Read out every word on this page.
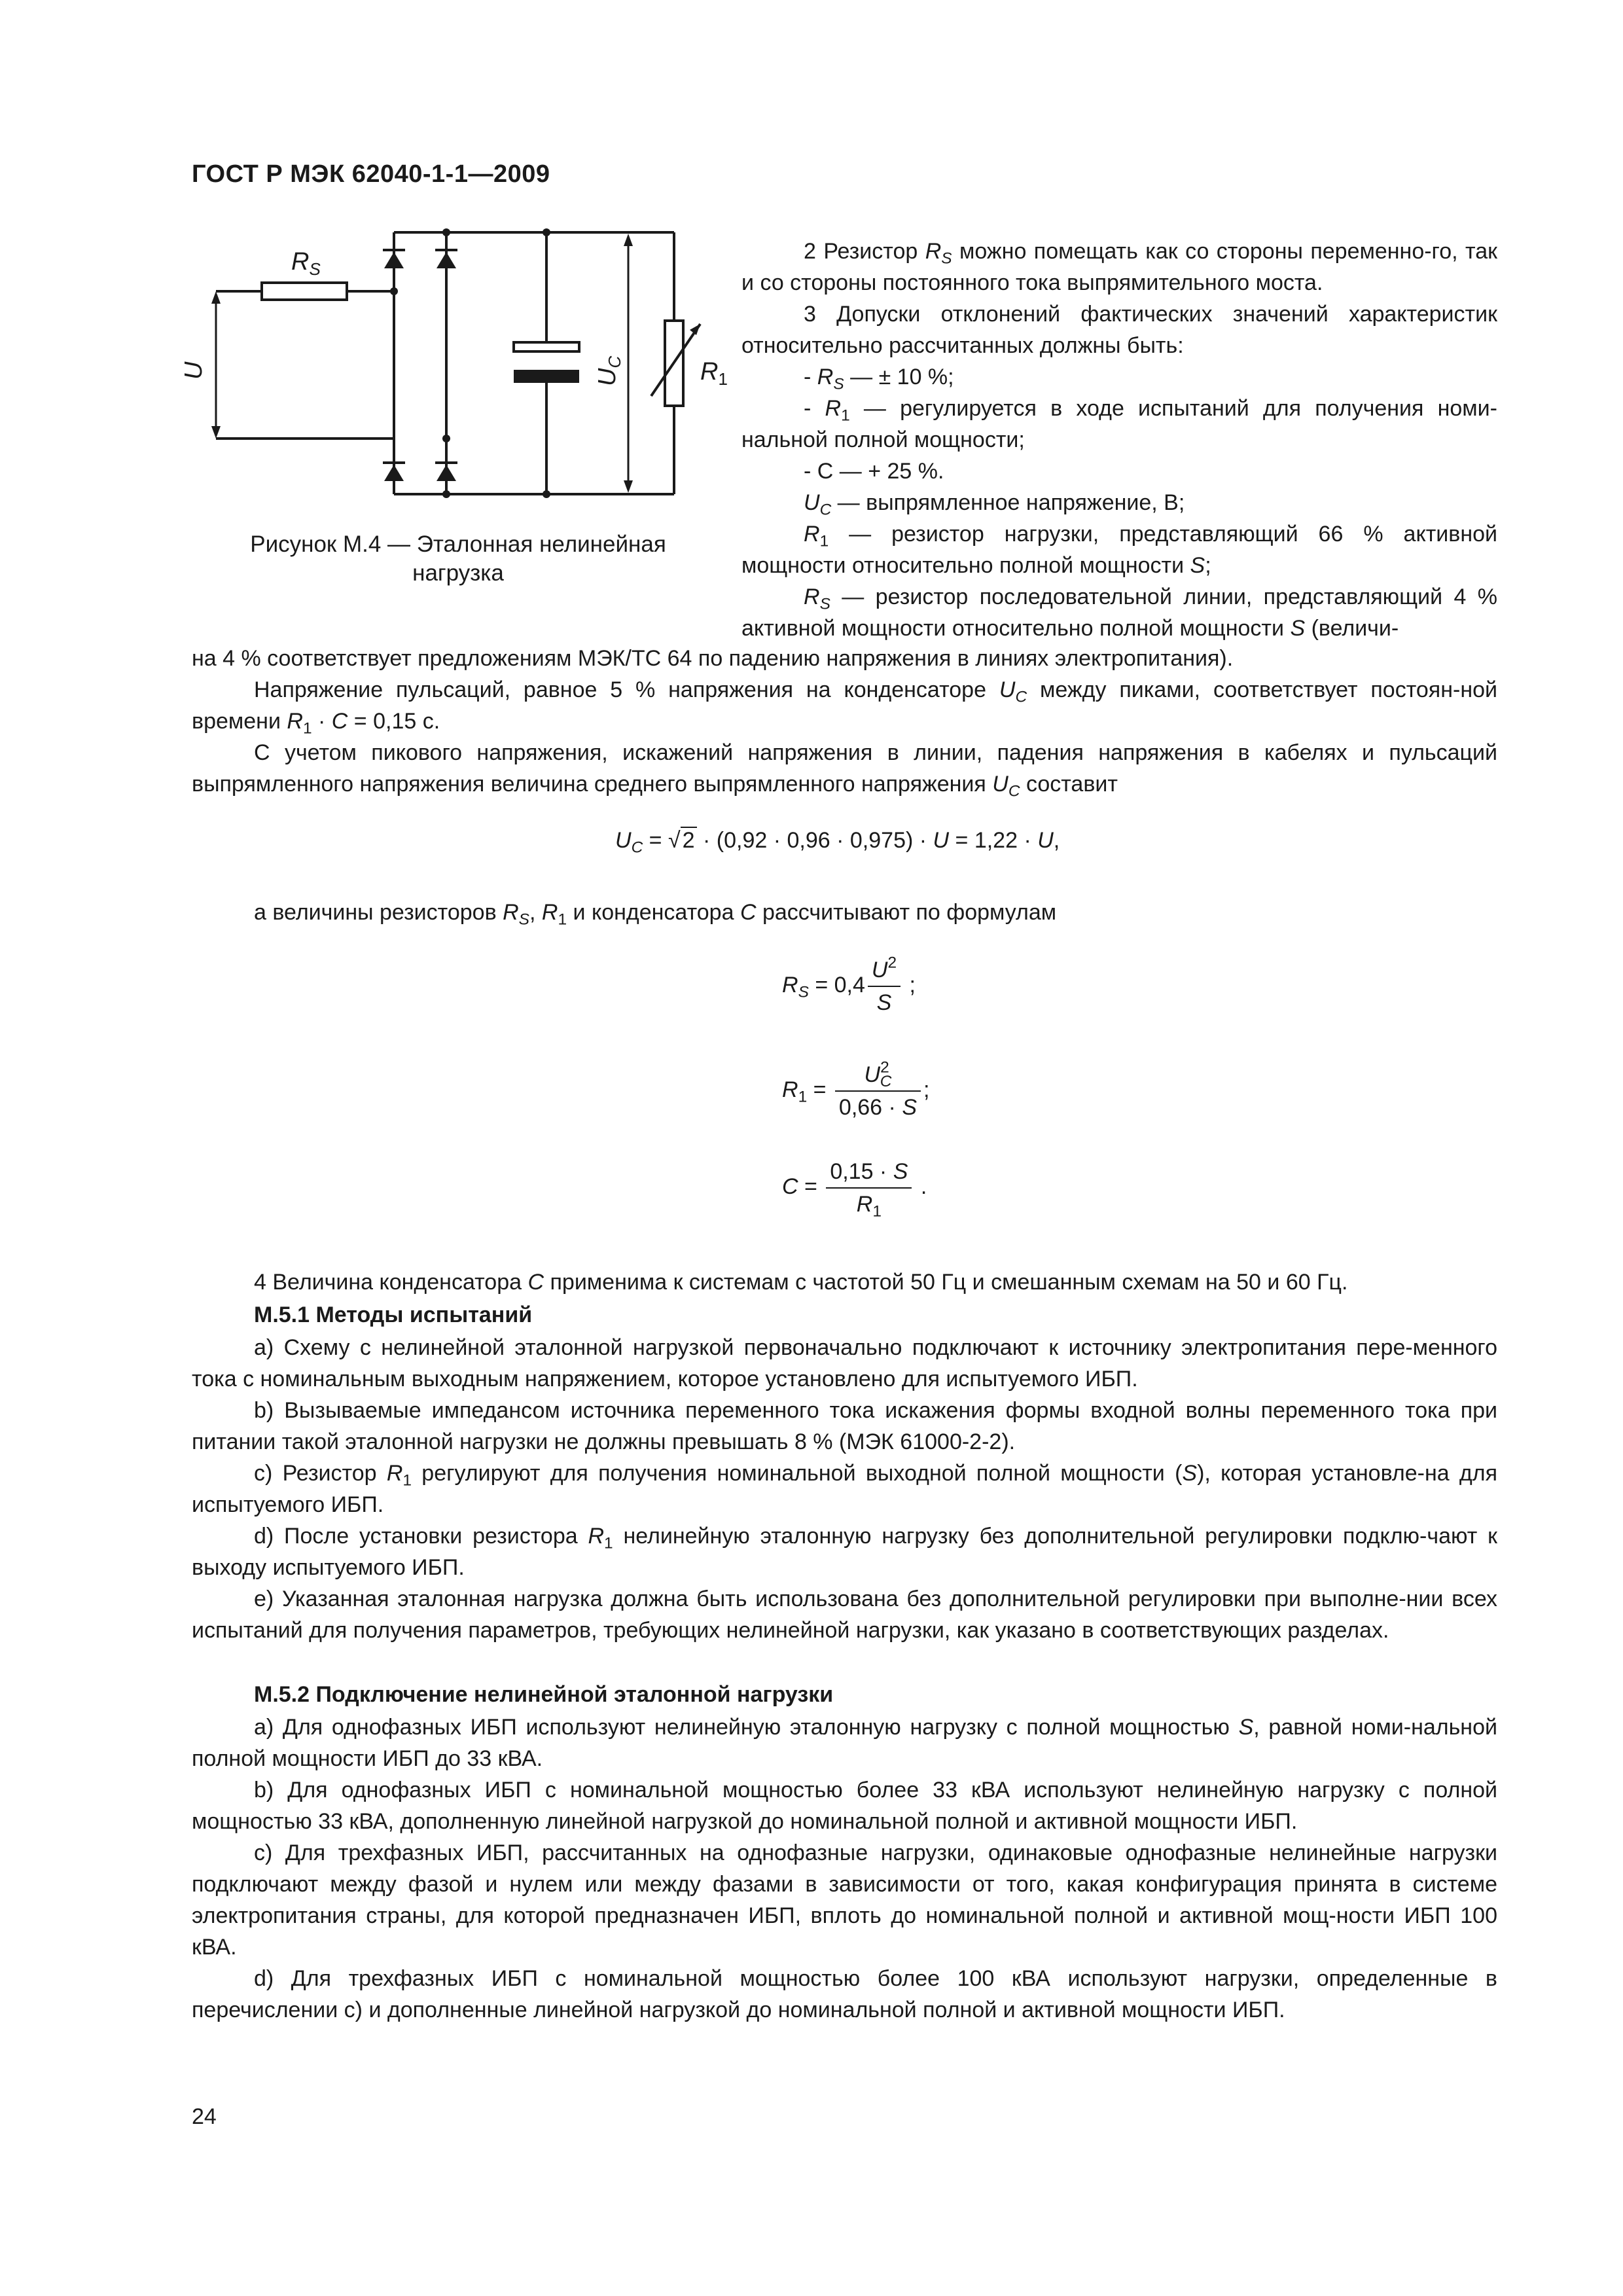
ГОСТ Р МЭК 62040-1-1—2009
$R_S$
U	$U_C$	$R_1$
Рисунок М.4 — Эталонная нелинейная
нагрузка

2 Резистор $R_S$ можно помещать как со стороны переменно-го, так и со стороны постоянного тока выпрямительного моста.

3 Допуски отклонений фактических значений характеристик относительно рассчитанных должны быть:

- $R_S$ — ± 10 %;

- $R_1$ — регулируется в ходе испытаний для получения номи-нальной полной мощности;

- С — + 25 %.

$U_C$ — выпрямленное напряжение, В;

$R_1$ — резистор нагрузки, представляющий 66 % активной мощности относительно полной мощности S;

$R_S$ — резистор последовательной линии, представляющий 4 % активной мощности относительно полной мощности S (величи-

на 4 % соответствует предложениям МЭК/ТС 64 по падению напряжения в линиях электропитания).

Напряжение пульсаций, равное 5 % напряжения на конденсаторе $U_C$ между пиками, соответствует постоян-ной времени $R_1 \cdot C = 0,15$ с.

С учетом пикового напряжения, искажений напряжения в линии, падения напряжения в кабелях и пульсаций выпрямленного напряжения величина среднего выпрямленного напряжения $U_C$ составит

$U_C = √2 \cdot (0,92 \cdot 0,96 \cdot 0,975) \cdot U = 1,22 \cdot U$,

а величины резисторов $R_S$, $R_1$ и конденсатора C рассчитывают по формулам

$R_S = 0,4 \frac{U^2}{S}$ ;
$R_1 = \frac{U^2_C}{0,66 \cdot S}$ ;
$C = \frac{0,15 \cdot S}{R_1}$ .

4 Величина конденсатора C применима к системам с частотой 50 Гц и смешанным схемам на 50 и 60 Гц.

М.5.1 Методы испытаний

a) Схему с нелинейной эталонной нагрузкой первоначально подключают к источнику электропитания пере-менного тока с номинальным выходным напряжением, которое установлено для испытуемого ИБП.

b) Вызываемые импедансом источника переменного тока искажения формы входной волны переменного тока при питании такой эталонной нагрузки не должны превышать 8 % (МЭК 61000-2-2).

c) Резистор $R_1$ регулируют для получения номинальной выходной полной мощности (S), которая установле-на для испытуемого ИБП.

d) После установки резистора $R_1$ нелинейную эталонную нагрузку без дополнительной регулировки подклю-чают к выходу испытуемого ИБП.

e) Указанная эталонная нагрузка должна быть использована без дополнительной регулировки при выполне-нии всех испытаний для получения параметров, требующих нелинейной нагрузки, как указано в соответствующих разделах.

М.5.2 Подключение нелинейной эталонной нагрузки

a) Для однофазных ИБП используют нелинейную эталонную нагрузку с полной мощностью S, равной номи-нальной полной мощности ИБП до 33 кВА.

b) Для однофазных ИБП с номинальной мощностью более 33 кВА используют нелинейную нагрузку с полной мощностью 33 кВА, дополненную линейной нагрузкой до номинальной полной и активной мощности ИБП.

c) Для трехфазных ИБП, рассчитанных на однофазные нагрузки, одинаковые однофазные нелинейные нагрузки подключают между фазой и нулем или между фазами в зависимости от того, какая конфигурация принята в системе электропитания страны, для которой предназначен ИБП, вплоть до номинальной полной и активной мощ-ности ИБП 100 кВА.

d) Для трехфазных ИБП с номинальной мощностью более 100 кВА используют нагрузки, определенные в перечислении c) и дополненные линейной нагрузкой до номинальной полной и активной мощности ИБП.

24
